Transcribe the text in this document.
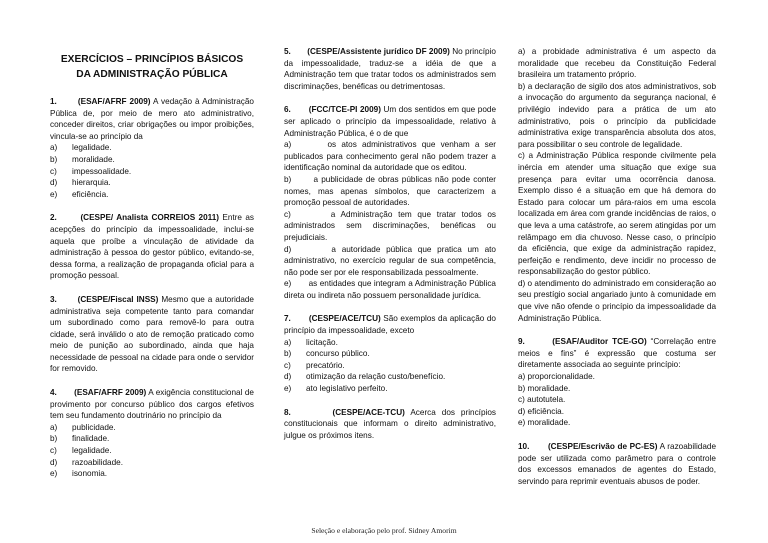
EXERCÍCIOS – PRINCÍPIOS BÁSICOS
DA ADMINISTRAÇÃO PÚBLICA

1.	(ESAF/AFRF 2009) A vedação à Administração Pública de, por meio de mero ato administrativo, conceder direitos, criar obrigações ou impor proibições, vincula-se ao princípio da

a)	legalidade.
b)	moralidade.
c)	impessoalidade.
d)	hierarquia.
e)	eficiência.

2.	(CESPE/ Analista CORREIOS 2011) Entre as acepções do princípio da impessoalidade, inclui-se aquela que proíbe a vinculação de atividade da administração à pessoa do gestor público, evitando-se, dessa forma, a realização de propaganda oficial para a promoção pessoal.

3.	(CESPE/Fiscal INSS) Mesmo que a autoridade administrativa seja competente tanto para comandar um subordinado como para removê-lo para outra cidade, será inválido o ato de remoção praticado como meio de punição ao subordinado, ainda que haja necessidade de pessoal na cidade para onde o servidor for removido.

4. (ESAF/AFRF 2009) A exigência constitucional de provimento por concurso público dos cargos efetivos tem seu fundamento doutrinário no princípio da

a)	publicidade.
b)	finalidade.
c)	legalidade.
d)	razoabilidade.
e)	isonomia.

5. (CESPE/Assistente jurídico DF 2009) No princípio da impessoalidade, traduz-se a idéia de que a Administração tem que tratar todos os administrados sem discriminações, benéficas ou detrimentosas.

6. (FCC/TCE-PI 2009) Um dos sentidos em que pode ser aplicado o princípio da impessoalidade, relativo à Administração Pública, é o de que

a)	os atos administrativos que venham a ser publicados para conhecimento geral não podem trazer a identificação nominal da autoridade que os editou.

b)	a publicidade de obras públicas não pode conter nomes, mas apenas símbolos, que caracterizem a promoção pessoal de autoridades.

c)	a Administração tem que tratar todos os administrados sem discriminações, benéficas ou prejudiciais.

d)	a autoridade pública que pratica um ato administrativo, no exercício regular de sua competência, não pode ser por ele responsabilizada pessoalmente.

e) as entidades que integram a Administração Pública direta ou indireta não possuem personalidade jurídica.

7. (CESPE/ACE/TCU) São exemplos da aplicação do princípio da impessoalidade, exceto

a)	licitação.
b)	concurso público.
c)	precatório.
d)	otimização da relação custo/benefício.
e)	ato legislativo perfeito.

8.	(CESPE/ACE-TCU) Acerca dos princípios constitucionais que informam o direito administrativo, julgue os próximos itens.

a) a probidade administrativa é um aspecto da moralidade que recebeu da Constituição Federal brasileira um tratamento próprio.

b) a declaração de sigilo dos atos administrativos, sob a invocação do argumento da segurança nacional, é privilégio indevido para a prática de um ato administrativo, pois o princípio da publicidade administrativa exige transparência absoluta dos atos, para possibilitar o seu controle de legalidade.

c) a Administração Pública responde civilmente pela inércia em atender uma situação que exige sua presença para evitar uma ocorrência danosa. Exemplo disso é a situação em que há demora do Estado para colocar um pára-raios em uma escola localizada em área com grande incidências de raios, o que leva a uma catástrofe, ao serem atingidas por um relâmpago em dia chuvoso. Nesse caso, o princípio da eficiência, que exige da administração rapidez, perfeição e rendimento, deve incidir no processo de responsabilização do gestor público.

d) o atendimento do administrado em consideração ao seu prestígio social angariado junto à comunidade em que vive não ofende o princípio da impessoalidade da Administração Pública.

9.	(ESAF/Auditor TCE-GO) “Correlação entre meios e fins” é expressão que costuma ser diretamente associada ao seguinte princípio:

a) proporcionalidade.

b) moralidade.

c) autotutela.

d) eficiência.

e) moralidade.

10. (CESPE/Escrivão de PC-ES) A razoabilidade pode ser utilizada como parâmetro para o controle dos excessos emanados de agentes do Estado, servindo para reprimir eventuais abusos de poder.

Seleção e elaboração pelo prof. Sidney Amorim
